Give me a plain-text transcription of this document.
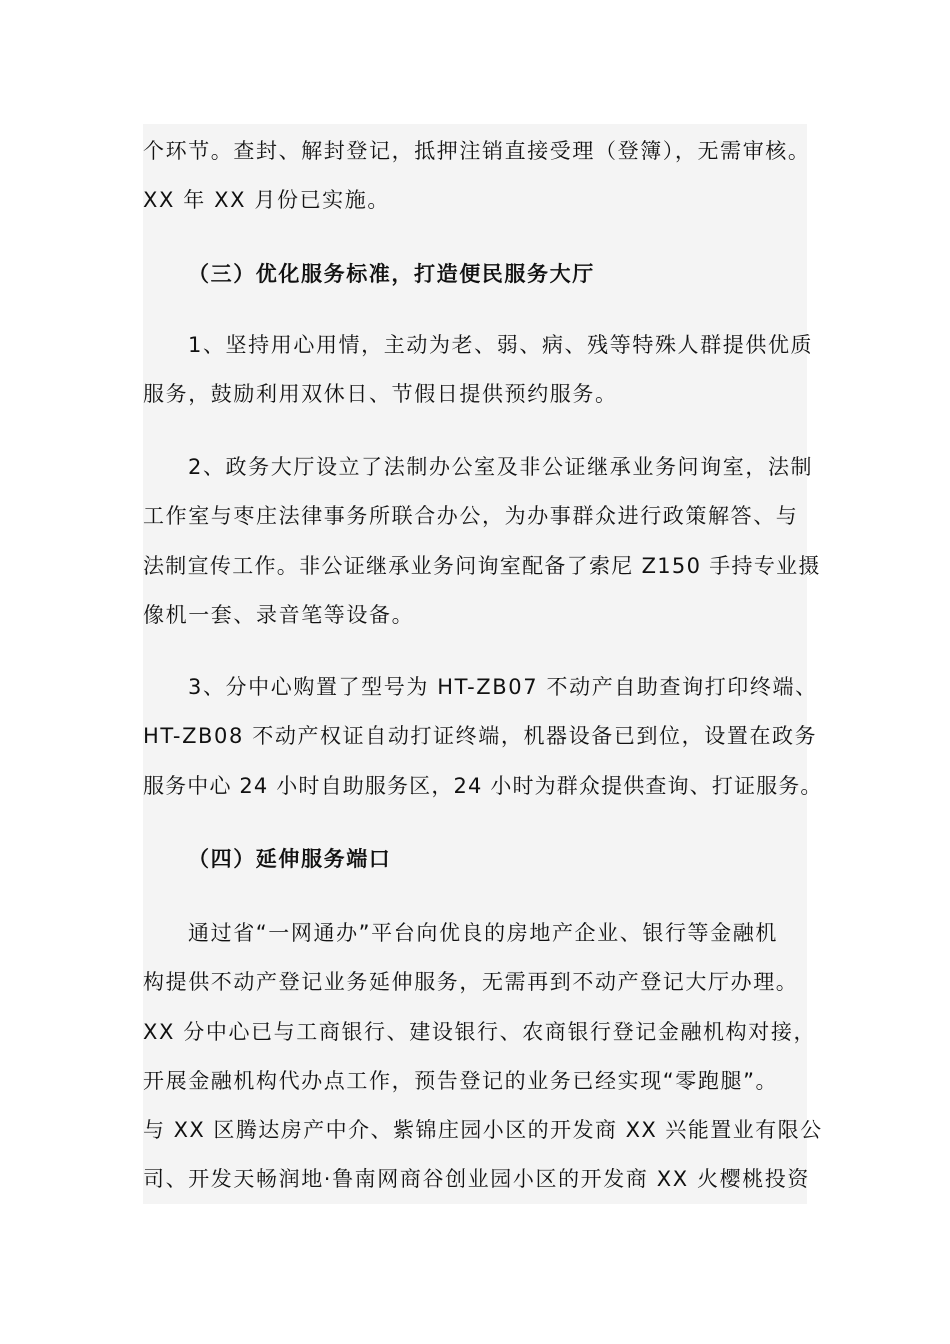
个环节。查封、解封登记，抵押注销直接受理（登簿），无需审核。
XX 年 XX 月份已实施。
（三）优化服务标准，打造便民服务大厅
1、坚持用心用情，主动为老、弱、病、残等特殊人群提供优质
服务，鼓励利用双休日、节假日提供预约服务。
2、政务大厅设立了法制办公室及非公证继承业务问询室，法制
工作室与枣庄法律事务所联合办公，为办事群众进行政策解答、与
法制宣传工作。非公证继承业务问询室配备了索尼 Z150 手持专业摄
像机一套、录音笔等设备。
3、分中心购置了型号为 HT-ZB07 不动产自助查询打印终端、
HT-ZB08 不动产权证自动打证终端，机器设备已到位，设置在政务
服务中心 24 小时自助服务区，24 小时为群众提供查询、打证服务。
（四）延伸服务端口
通过省“一网通办”平台向优良的房地产企业、银行等金融机
构提供不动产登记业务延伸服务，无需再到不动产登记大厅办理。
XX 分中心已与工商银行、建设银行、农商银行登记金融机构对接，
开展金融机构代办点工作，预告登记的业务已经实现“零跑腿”。
与 XX 区腾达房产中介、紫锦庄园小区的开发商 XX 兴能置业有限公
司、开发天畅润地·鲁南网商谷创业园小区的开发商 XX 火樱桃投资
